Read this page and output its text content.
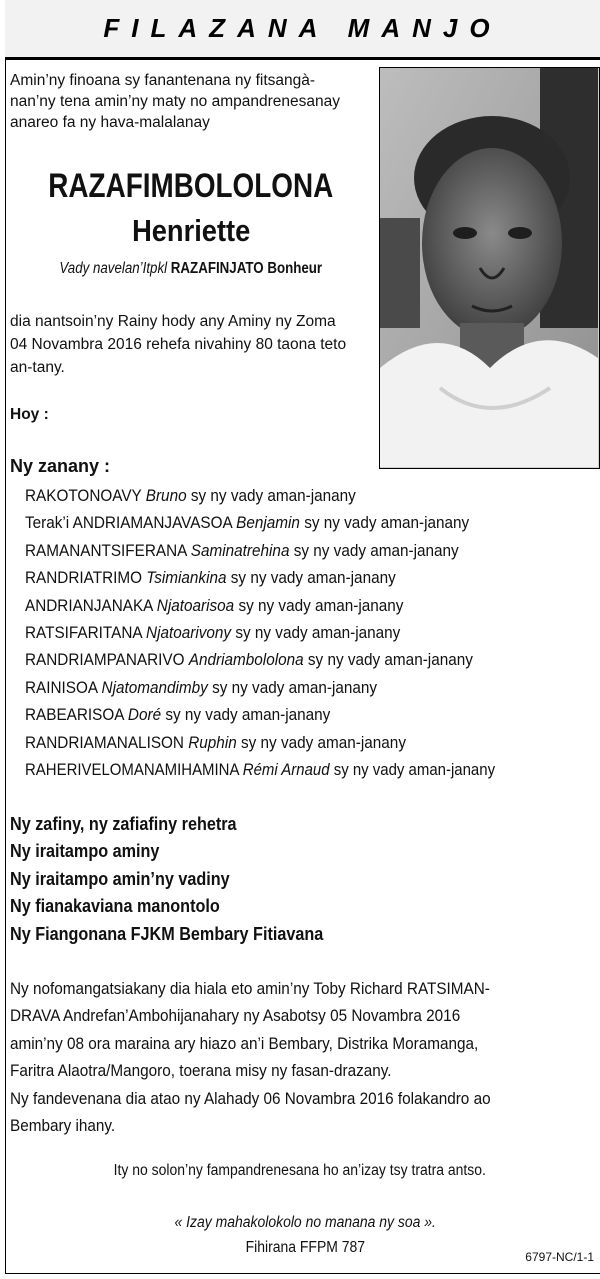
FILAZANA MANJO
Amin’ny finoana sy fanantenana ny fitsangà-
nan’ny tena amin’ny maty no ampandrenesanay
anareo fa ny hava-malalanay
RAZAFIMBOLOLONA
Henriette
Vady navelan’Itpkl RAZAFINJATO Bonheur
dia nantsoin’ny Rainy hody any Aminy ny Zoma
04 Novambra 2016 rehefa nivahiny 80 taona teto
an-tany.
Hoy :
Ny zanany :
RAKOTONOAVY Bruno sy ny vady aman-janany
Terak’i ANDRIAMANJAVASOA Benjamin sy ny vady aman-janany
RAMANANTSIFERANA Saminatrehina sy ny vady aman-janany
RANDRIATRIMO Tsimiankina sy ny vady aman-janany
ANDRIANJANAKA Njatoarisoa sy ny vady aman-janany
RATSIFARITANA Njatoarivony sy ny vady aman-janany
RANDRIAMPANARIVO Andriambololona sy ny vady aman-janany
RAINISOA Njatomandimby sy ny vady aman-janany
RABEARISOA Doré sy ny vady aman-janany
RANDRIAMANALISON Ruphin sy ny vady aman-janany
RAHERIVELOMANAMIHAMINA Rémi Arnaud sy ny vady aman-janany
Ny zafiny, ny zafiafiny rehetra
Ny iraitampo aminy
Ny iraitampo amin’ny vadiny
Ny fianakaviana manontolo
Ny Fiangonana FJKM Bembary Fitiavana
Ny nofomangatsiakany dia hiala eto amin’ny Toby Richard RATSIMAN-
DRAVA Andrefan’Ambohijanahary ny Asabotsy 05 Novambra 2016
amin’ny 08 ora maraina ary hiazo an’i Bembary, Distrika Moramanga,
Faritra Alaotra/Mangoro, toerana misy ny fasan-drazany.
Ny fandevenana dia atao ny Alahady 06 Novambra 2016 folakandro ao
Bembary ihany.
Ity no solon’ny fampandrenesana ho an’izay tsy tratra antso.
« Izay mahakolokolo no manana ny soa ».
Fihirana FFPM 787
6797-NC/1-1
